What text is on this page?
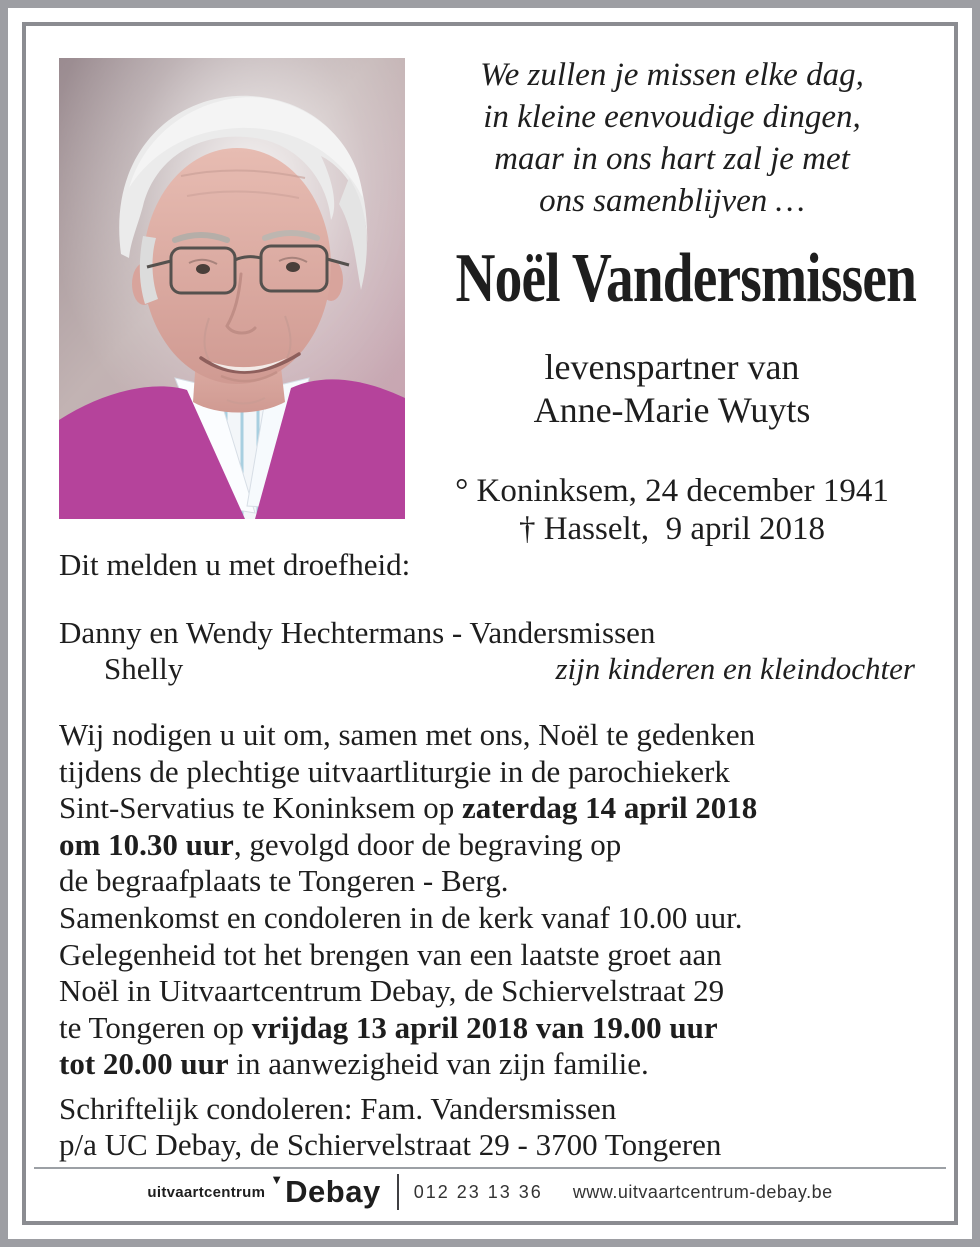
We zullen je missen elke dag,
in kleine eenvoudige dingen,
maar in ons hart zal je met
ons samenblijven …
Noël Vandersmissen
levenspartner van
Anne-Marie Wuyts
° Koninksem, 24 december 1941
† Hasselt,  9 april 2018
Dit melden u met droefheid:
Danny en Wendy Hechtermans - Vandersmissen
Shelly	zijn kinderen en kleindochter
Wij nodigen u uit om, samen met ons, Noël te gedenken
tijdens de plechtige uitvaartliturgie in de parochiekerk
Sint-Servatius te Koninksem op zaterdag 14 april 2018
om 10.30 uur, gevolgd door de begraving op
de begraafplaats te Tongeren - Berg.
Samenkomst en condoleren in de kerk vanaf 10.00 uur.
Gelegenheid tot het brengen van een laatste groet aan
Noël in Uitvaartcentrum Debay, de Schiervelstraat 29
te Tongeren op vrijdag 13 april 2018 van 19.00 uur
tot 20.00 uur in aanwezigheid van zijn familie.
Schriftelijk condoleren: Fam. Vandersmissen
p/a UC Debay, de Schiervelstraat 29 - 3700 Tongeren
uitvaartcentrum
▼ Debay 012 23 13 36 www.uitvaartcentrum-debay.be
